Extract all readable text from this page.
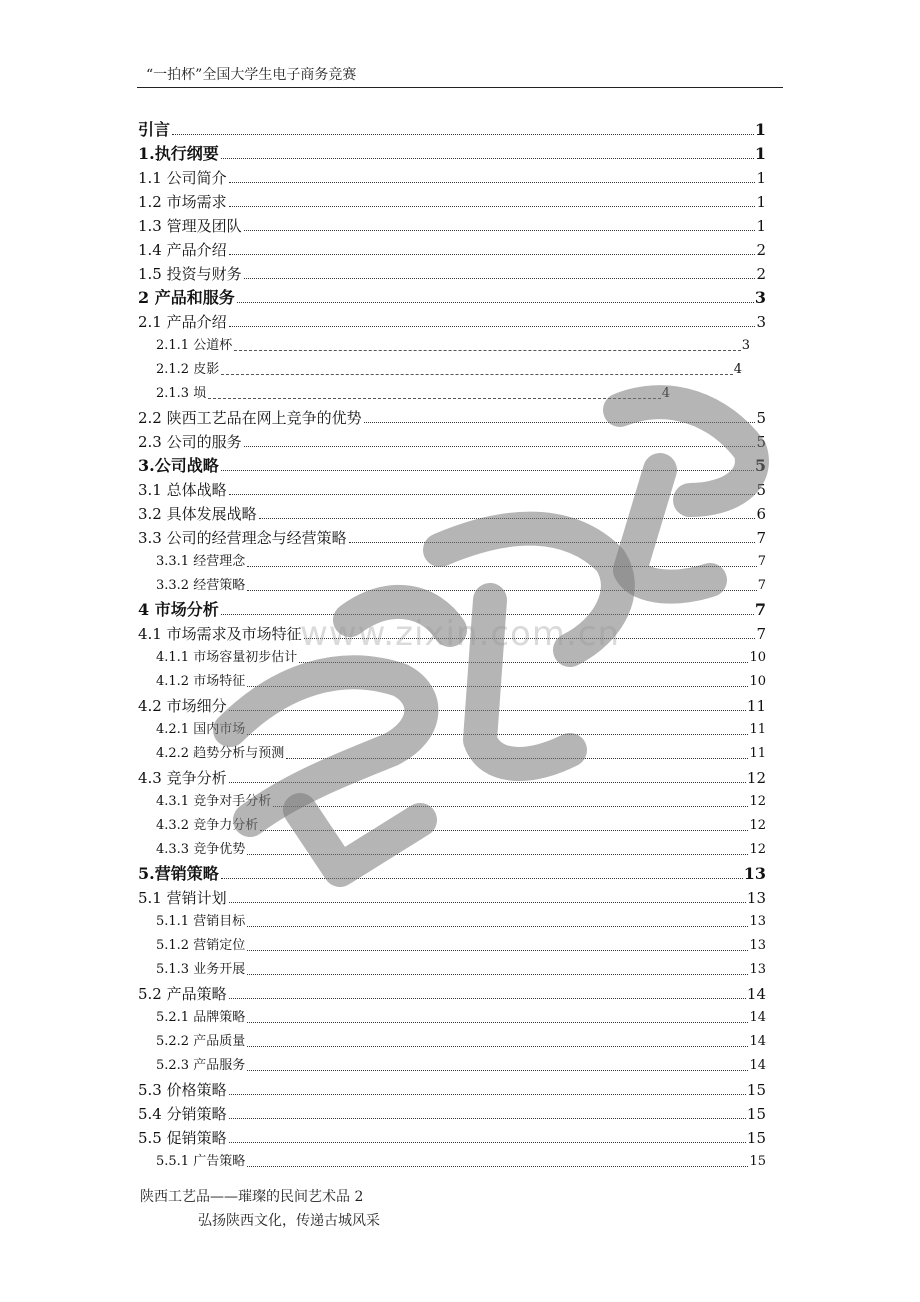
“一拍杯”全国大学生电子商务竞赛
引言	1
1.执行纲要	1
1.1 公司简介	1
1.2 市场需求	1
1.3 管理及团队	1
1.4 产品介绍	2
1.5 投资与财务	2
2 产品和服务	3
2.1 产品介绍	3
2.1.1 公道杯	3
2.1.2 皮影	4
2.1.3 埙	4
2.2 陕西工艺品在网上竞争的优势	5
2.3 公司的服务	5
3.公司战略	5
3.1 总体战略	5
3.2 具体发展战略	6
3.3 公司的经营理念与经营策略	7
3.3.1 经营理念	7
3.3.2 经营策略	7
4 市场分析	7
4.1 市场需求及市场特征	7
4.1.1 市场容量初步估计	10
4.1.2 市场特征	10
4.2 市场细分	11
4.2.1 国内市场	11
4.2.2 趋势分析与预测	11
4.3 竞争分析	12
4.3.1 竞争对手分析	12
4.3.2 竞争力分析	12
4.3.3 竞争优势	12
5.营销策略	13
5.1 营销计划	13
5.1.1 营销目标	13
5.1.2 营销定位	13
5.1.3 业务开展	13
5.2 产品策略	14
5.2.1 品牌策略	14
5.2.2 产品质量	14
5.2.3 产品服务	14
5.3 价格策略	15
5.4 分销策略	15
5.5 促销策略	15
5.5.1 广告策略	15
www.zixin.com.cn
陕西工艺品——璀璨的民间艺术品 2
弘扬陕西文化，传递古城风采
